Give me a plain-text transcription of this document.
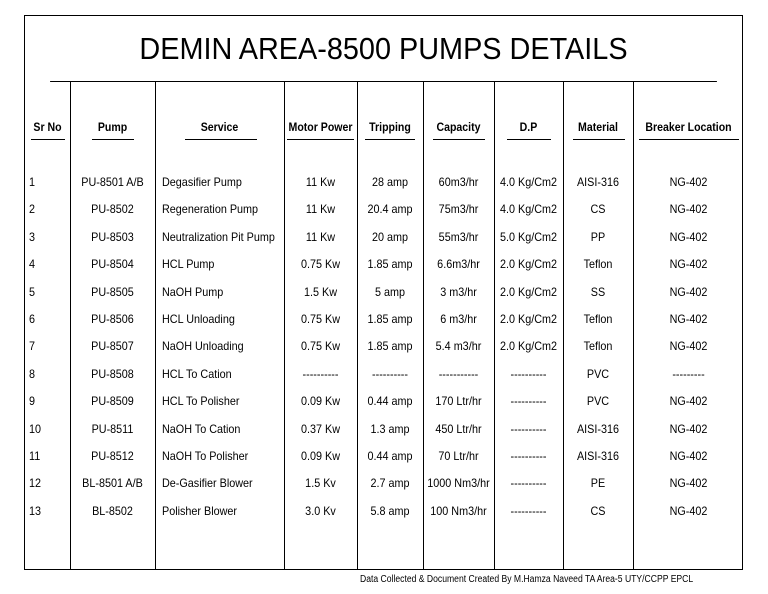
DEMIN AREA-8500 PUMPS DETAILS
Sr No	Pump	Service	Motor Power	Tripping	Capacity	D.P	Material	Breaker Location
1	PU-8501 A/B	Degasifier Pump	11 Kw	28 amp	60m3/hr	4.0 Kg/Cm2	AISI-316	NG-402
2	PU-8502	Regeneration Pump	11 Kw	20.4 amp	75m3/hr	4.0 Kg/Cm2	CS	NG-402
3	PU-8503	Neutralization Pit Pump	11 Kw	20 amp	55m3/hr	5.0 Kg/Cm2	PP	NG-402
4	PU-8504	HCL Pump	0.75 Kw	1.85 amp	6.6m3/hr	2.0 Kg/Cm2	Teflon	NG-402
5	PU-8505	NaOH Pump	1.5 Kw	5 amp	3 m3/hr	2.0 Kg/Cm2	SS	NG-402
6	PU-8506	HCL Unloading	0.75 Kw	1.85 amp	6 m3/hr	2.0 Kg/Cm2	Teflon	NG-402
7	PU-8507	NaOH Unloading	0.75 Kw	1.85 amp	5.4 m3/hr	2.0 Kg/Cm2	Teflon	NG-402
8	PU-8508	HCL To Cation	----------	----------	-----------	----------	PVC	---------
9	PU-8509	HCL To Polisher	0.09 Kw	0.44 amp	170 Ltr/hr	----------	PVC	NG-402
10	PU-8511	NaOH To Cation	0.37 Kw	1.3 amp	450 Ltr/hr	----------	AISI-316	NG-402
11	PU-8512	NaOH To Polisher	0.09 Kw	0.44 amp	70 Ltr/hr	----------	AISI-316	NG-402
12	BL-8501 A/B	De-Gasifier Blower	1.5 Kv	2.7 amp	1000 Nm3/hr	----------	PE	NG-402
13	BL-8502	Polisher Blower	3.0 Kv	5.8 amp	100 Nm3/hr	----------	CS	NG-402
Data Collected & Document Created By M.Hamza Naveed TA Area-5 UTY/CCPP EPCL
